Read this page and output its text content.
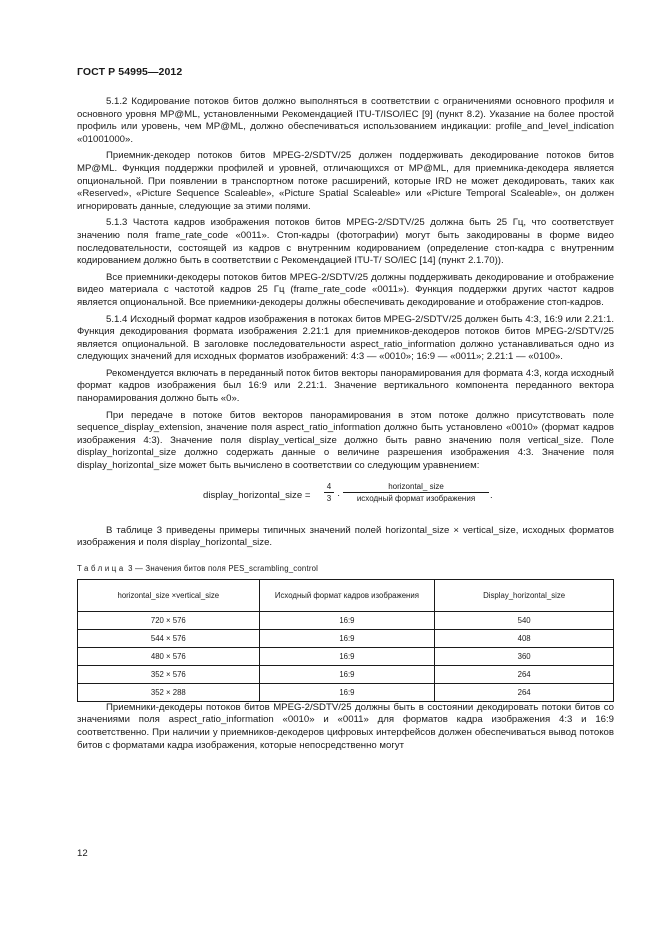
ГОСТ Р 54995—2012

5.1.2 Кодирование потоков битов должно выполняться в соответствии с ограничениями основного профиля и основного уровня MP@ML, установленными Рекомендацией ITU-T/ISO/IEC [9] (пункт 8.2). Указание на более простой профиль или уровень, чем MP@ML, должно обеспечиваться использованием индикации: profile_and_level_indication «01001000».

Приемник-декодер потоков битов MPEG-2/SDTV/25 должен поддерживать декодирование потоков битов MP@ML. Функция поддержки профилей и уровней, отличающихся от MP@ML, для приемника-декодера является опциональной. При появлении в транспортном потоке расширений, которые IRD не может декодировать, таких как «Reserved», «Picture Sequence Scaleable», «Picture Spatial Scaleable» или «Picture Temporal Scaleable», он должен игнорировать данные, следующие за этими полями.

5.1.3 Частота кадров изображения потоков битов MPEG-2/SDTV/25 должна быть 25 Гц, что соответствует значению поля frame_rate_code «0011». Стоп-кадры (фотографии) могут быть закодированы в форме видео последовательности, состоящей из кадров с внутренним кодированием (определение стоп-кадра с внутренним кодированием должно быть в соответствии с Рекомендацией ITU-T/ SO/IEC [14] (пункт 2.1.70)).

Все приемники-декодеры потоков битов MPEG-2/SDTV/25 должны поддерживать декодирование и отображение видео материала с частотой кадров 25 Гц (frame_rate_code «0011»). Функция поддержки других частот кадров является опциональной. Все приемники-декодеры должны обеспечивать декодирование и отображение стоп-кадров.

5.1.4 Исходный формат кадров изображения в потоках битов MPEG-2/SDTV/25 должен быть 4:3, 16:9 или 2.21:1. Функция декодирования формата изображения 2.21:1 для приемников-декодеров потоков битов MPEG-2/SDTV/25 является опциональной. В заголовке последовательности aspect_ratio_information должно устанавливаться одно из следующих значений для исходных форматов изображений: 4:3 — «0010»; 16:9 — «0011»; 2.21:1 — «0100».

Рекомендуется включать в переданный поток битов векторы панорамирования для формата 4:3, когда исходный формат кадров изображения был 16:9 или 2.21:1. Значение вертикального компонента переданного вектора панорамирования должно быть «0».

При передаче в потоке битов векторов панорамирования в этом потоке должно присутствовать поле sequence_display_extension, значение поля aspect_ratio_information должно быть установлено «0010» (формат кадров изображения 4:3). Значение поля display_vertical_size должно быть равно значению поля vertical_size. Поле display_horizontal_size должно содержать данные о величине разрешения изображения 4:3. Значение поля display_horizontal_size может быть вычислено в соответствии со следующим уравнением:

display_horizontal_size = $\frac{4}{3}$ ·
horizontal_ size
исходный формат изображения	.

В таблице 3 приведены примеры типичных значений полей horizontal_size × vertical_size, исходных форматов изображения и поля display_horizontal_size.

Таблица 3 — Значения битов поля PES_scrambling_control
horizontal_size ×vertical_size	Исходный формат кадров изображения	Display_horizontal_size
720 × 576	16:9	540
544 × 576	16:9	408
480 × 576	16:9	360
352 × 576	16:9	264
352 × 288	16:9	264

Приемники-декодеры потоков битов MPEG-2/SDTV/25 должны быть в состоянии декодировать потоки битов со значениями поля aspect_ratio_information «0010» и «0011» для форматов кадра изображения 4:3 и 16:9 соответственно. При наличии у приемников-декодеров цифровых интерфейсов должен обеспечиваться вывод потоков битов с форматами кадра изображения, которые непосредственно могут

12
